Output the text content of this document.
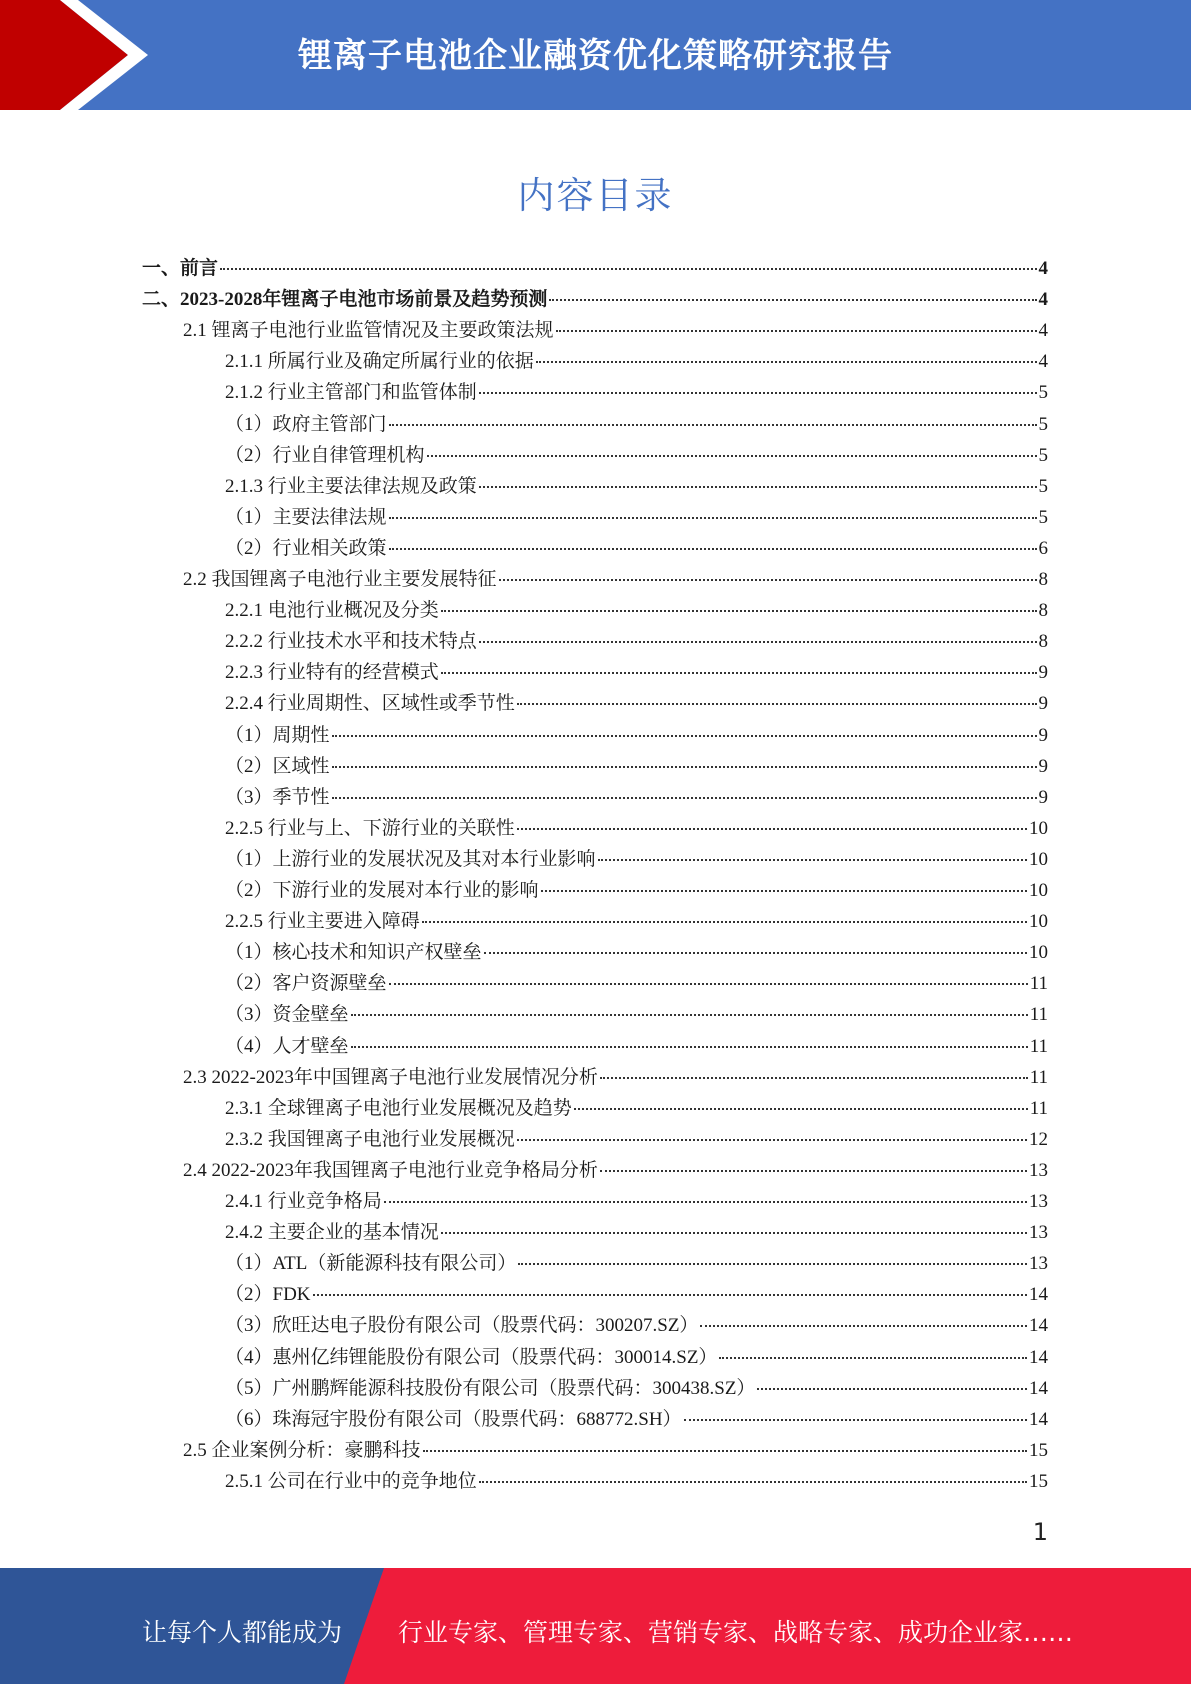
锂离子电池企业融资优化策略研究报告
内容目录
一、前言	4
二、2023-2028年锂离子电池市场前景及趋势预测	4
2.1 锂离子电池行业监管情况及主要政策法规	4
2.1.1 所属行业及确定所属行业的依据	4
2.1.2 行业主管部门和监管体制	5
（1）政府主管部门	5
（2）行业自律管理机构	5
2.1.3 行业主要法律法规及政策	5
（1）主要法律法规	5
（2）行业相关政策	6
2.2 我国锂离子电池行业主要发展特征	8
2.2.1 电池行业概况及分类	8
2.2.2 行业技术水平和技术特点	8
2.2.3 行业特有的经营模式	9
2.2.4 行业周期性、区域性或季节性	9
（1）周期性	9
（2）区域性	9
（3）季节性	9
2.2.5 行业与上、下游行业的关联性	10
（1）上游行业的发展状况及其对本行业影响	10
（2）下游行业的发展对本行业的影响	10
2.2.5 行业主要进入障碍	10
（1）核心技术和知识产权壁垒	10
（2）客户资源壁垒	11
（3）资金壁垒	11
（4）人才壁垒	11
2.3 2022-2023年中国锂离子电池行业发展情况分析	11
2.3.1 全球锂离子电池行业发展概况及趋势	11
2.3.2 我国锂离子电池行业发展概况	12
2.4 2022-2023年我国锂离子电池行业竞争格局分析	13
2.4.1 行业竞争格局	13
2.4.2 主要企业的基本情况	13
（1）ATL（新能源科技有限公司）	13
（2）FDK	14
（3）欣旺达电子股份有限公司（股票代码：300207.SZ）	14
（4）惠州亿纬锂能股份有限公司（股票代码：300014.SZ）	14
（5）广州鹏辉能源科技股份有限公司（股票代码：300438.SZ）	14
（6）珠海冠宇股份有限公司（股票代码：688772.SH）	14
2.5 企业案例分析：豪鹏科技	15
2.5.1 公司在行业中的竞争地位	15
1
让每个人都能成为 行业专家、管理专家、营销专家、战略专家、成功企业家……
